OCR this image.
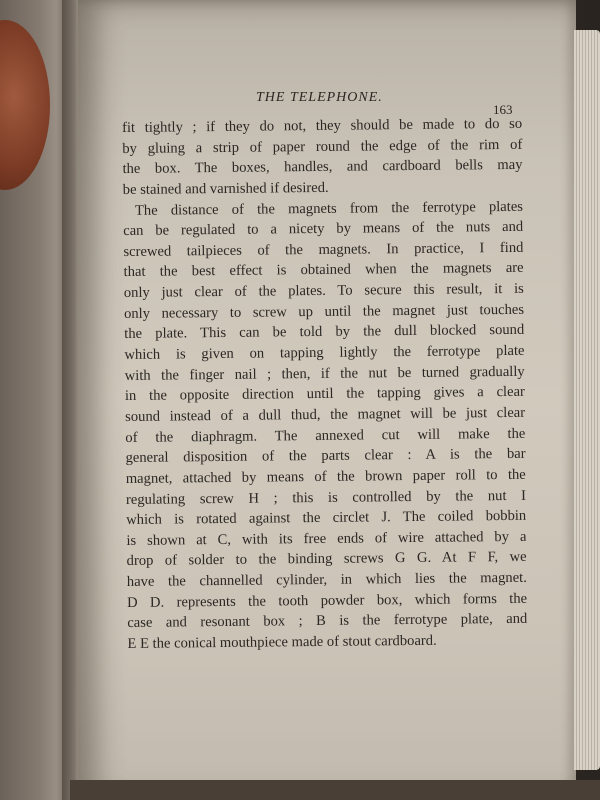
THE TELEPHONE.
163
fit tightly ; if they do not, they should be made to do so
by gluing a strip of paper round the edge of the rim of
the box. The boxes, handles, and cardboard bells may
be stained and varnished if desired.
The distance of the magnets from the ferrotype plates
can be regulated to a nicety by means of the nuts and
screwed tailpieces of the magnets. In practice, I find
that the best effect is obtained when the magnets are
only just clear of the plates. To secure this result, it is
only necessary to screw up until the magnet just touches
the plate. This can be told by the dull blocked sound
which is given on tapping lightly the ferrotype plate
with the finger nail ; then, if the nut be turned gradually
in the opposite direction until the tapping gives a clear
sound instead of a dull thud, the magnet will be just clear
of the diaphragm. The annexed cut will make the
general disposition of the parts clear : A is the bar
magnet, attached by means of the brown paper roll to the
regulating screw H ; this is controlled by the nut I
which is rotated against the circlet J. The coiled bobbin
is shown at C, with its free ends of wire attached by a
drop of solder to the binding screws G G. At F F, we
have the channelled cylinder, in which lies the magnet.
D D. represents the tooth powder box, which forms the
case and resonant box ; B is the ferrotype plate, and
E E the conical mouthpiece made of stout cardboard.
